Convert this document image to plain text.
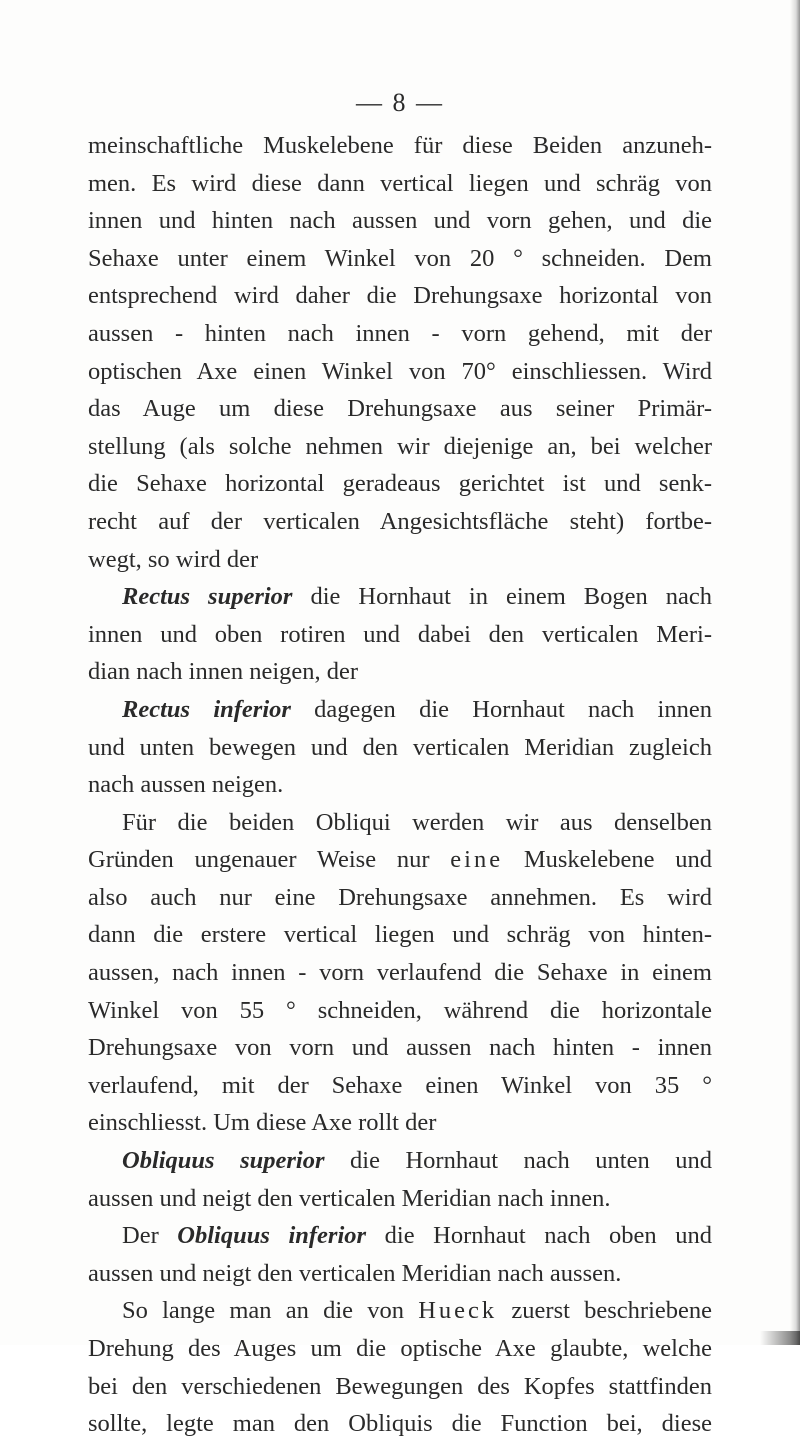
— 8 —
meinschaftliche Muskelebene für diese Beiden anzuneh-
men. Es wird diese dann vertical liegen und schräg von
innen und hinten nach aussen und vorn gehen, und die
Sehaxe unter einem Winkel von 20 ° schneiden. Dem
entsprechend wird daher die Drehungsaxe horizontal von
aussen - hinten nach innen - vorn gehend, mit der
optischen Axe einen Winkel von 70° einschliessen. Wird
das Auge um diese Drehungsaxe aus seiner Primär-
stellung (als solche nehmen wir diejenige an, bei welcher
die Sehaxe horizontal geradeaus gerichtet ist und senk-
recht auf der verticalen Angesichtsfläche steht) fortbe-
wegt, so wird der
Rectus superior die Hornhaut in einem Bogen nach
innen und oben rotiren und dabei den verticalen Meri-
dian nach innen neigen, der
Rectus inferior dagegen die Hornhaut nach innen
und unten bewegen und den verticalen Meridian zugleich
nach aussen neigen.
Für die beiden Obliqui werden wir aus denselben
Gründen ungenauer Weise nur eine Muskelebene und
also auch nur eine Drehungsaxe annehmen. Es wird
dann die erstere vertical liegen und schräg von hinten-
aussen, nach innen - vorn verlaufend die Sehaxe in einem
Winkel von 55 ° schneiden, während die horizontale
Drehungsaxe von vorn und aussen nach hinten - innen
verlaufend, mit der Sehaxe einen Winkel von 35 °
einschliesst. Um diese Axe rollt der
Obliquus superior die Hornhaut nach unten und
aussen und neigt den verticalen Meridian nach innen.
Der Obliquus inferior die Hornhaut nach oben und
aussen und neigt den verticalen Meridian nach aussen.
So lange man an die von Hueck zuerst beschriebene
Drehung des Auges um die optische Axe glaubte, welche
bei den verschiedenen Bewegungen des Kopfes stattfinden
sollte, legte man den Obliquis die Function bei, diese
